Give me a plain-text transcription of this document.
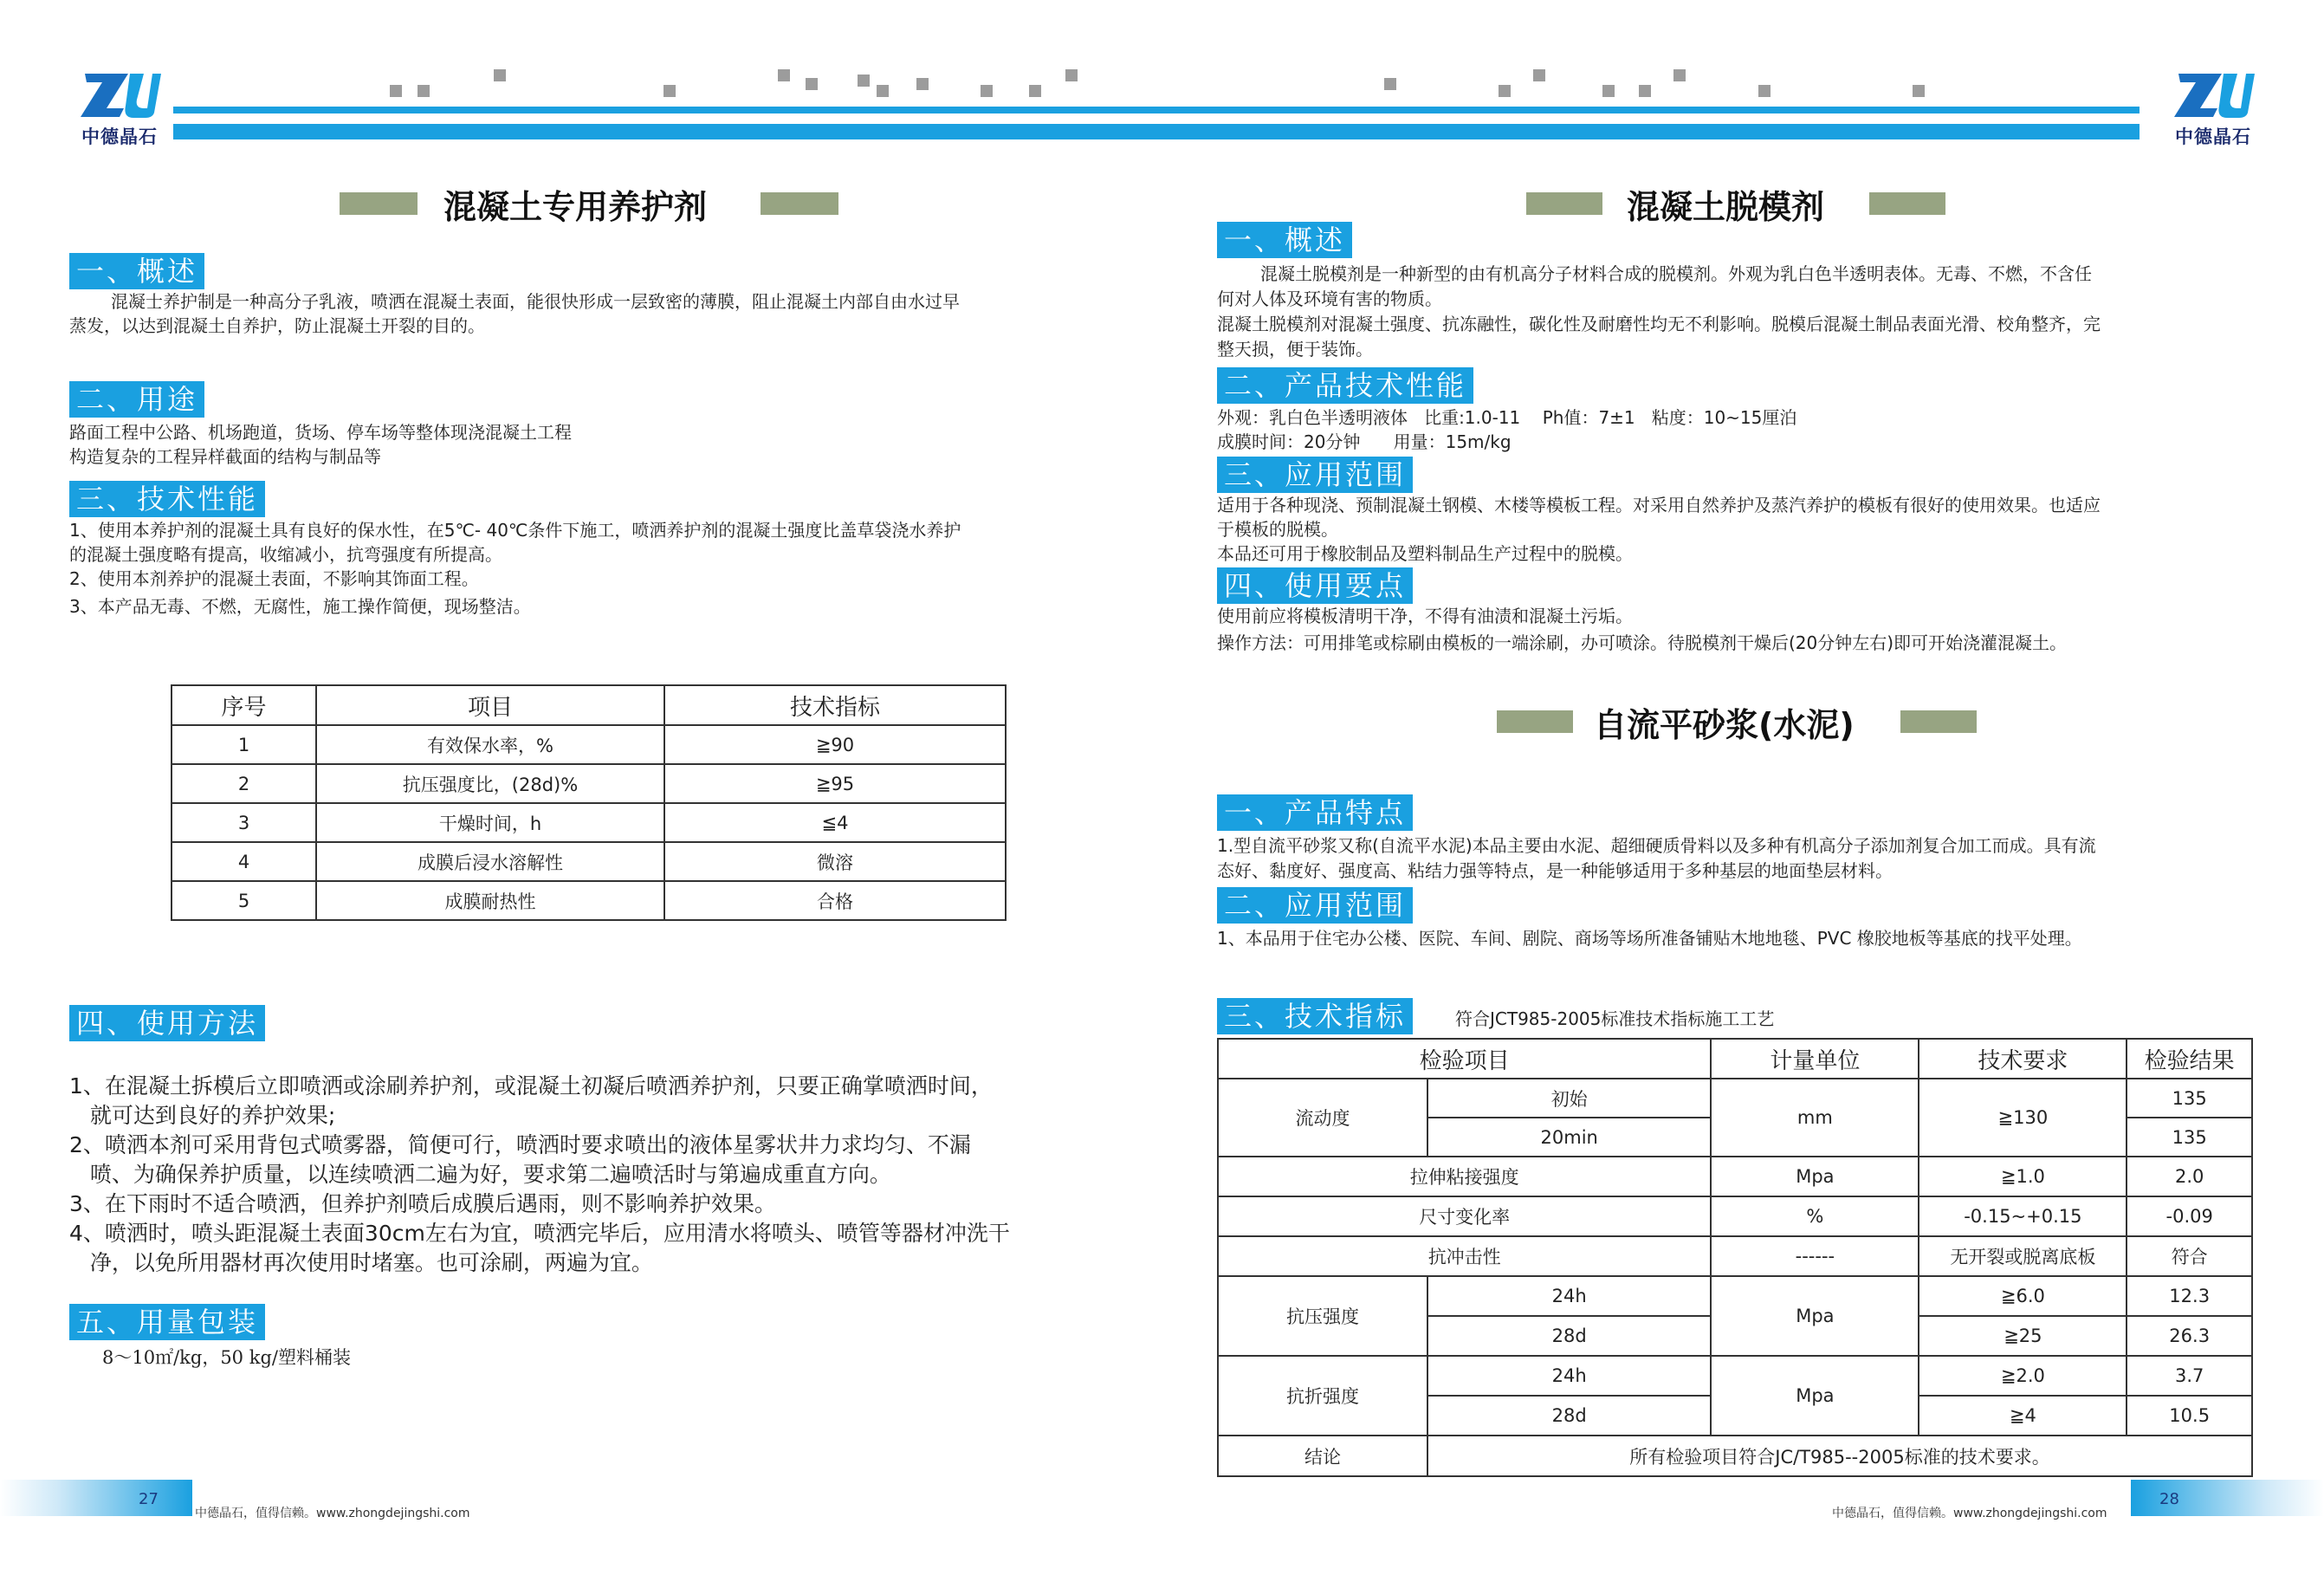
中德晶石	中德晶石
混凝土专用养护剂
一、概述
混凝士养护制是一种高分子乳液，喷洒在混凝土表面，能很快形成一层致密的薄膜，阻止混凝土内部自由水过早
蒸发，以达到混凝土自养护，防止混凝土开裂的目的。
二、用途
路面工程中公路、机场跑道，货场、停车场等整体现浇混凝土工程
构造复杂的工程异样截面的结构与制品等
三、技术性能
1、使用本养护剂的混凝土具有良好的保水性，在5℃- 40℃条件下施工，喷洒养护剂的混凝土强度比盖草袋浇水养护
的混凝土强度略有提高，收缩减小，抗弯强度有所提高。
2、使用本剂养护的混凝土表面，不影响其饰面工程。
3、本产品无毒、不燃，无腐性，施工操作简便，现场整洁。
序号	项目	技术指标
1	有效保水率，%	≧90
2	抗压强度比，(28d)%	≧95
3	干燥时间，h	≦4
4	成膜后浸水溶解性	微溶
5	成膜耐热性	合格
四、使用方法
1、在混凝土拆模后立即喷洒或涂刷养护剂，或混凝土初凝后喷洒养护剂，只要正确掌喷洒时间，
就可达到良好的养护效果;
2、喷洒本剂可采用背包式喷雾器，简便可行，喷洒时要求喷出的液体星雾状井力求均匀、不漏
喷、为确保养护质量，以连续喷洒二遍为好，要求第二遍喷活时与第遍成重直方向。
3、在下雨时不适合喷洒，但养护剂喷后成膜后遇雨，则不影响养护效果。
4、喷洒时，喷头距混凝土表面30cm左右为宜，喷洒完毕后，应用清水将喷头、喷管等器材冲洗干
净，以免所用器材再次使用时堵塞。也可涂刷，两遍为宜。
五、用量包装
8～10㎡/kg，50 kg/塑料桶装
27
中德晶石，值得信赖。www.zhongdejingshi.com
混凝土脱模剂
一、概述
混凝土脱模剂是一种新型的由有机高分子材料合成的脱模剂。外观为乳白色半透明表体。无毒、不燃，不含任
何对人体及环境有害的物质。
混凝土脱模剂对混凝土强度、抗冻融性，碳化性及耐磨性均无不利影响。脱模后混凝土制品表面光滑、校角整齐，完
整天损，便于装饰。
二、产品技术性能
外观：乳白色半透明液体   比重:1.0-11    Ph值：7±1   粘度：10~15厘泊
成膜时间：20分钟      用量：15m/kg
三、应用范围
适用于各种现浇、预制混凝土钢模、木楼等模板工程。对采用自然养护及蒸汽养护的模板有很好的使用效果。也适应
于模板的脱模。
本品还可用于橡胶制品及塑料制品生产过程中的脱模。
四、使用要点
使用前应将模板清明干净，不得有油渍和混凝土污垢。
操作方法：可用排笔或棕刷由模板的一端涂刷，办可喷涂。待脱模剂干燥后(20分钟左右)即可开始浇灌混凝土。
自流平砂浆(水泥)
一、产品特点
1.型自流平砂浆又称(自流平水泥)本品主要由水泥、超细硬质骨料以及多种有机高分子添加剂复合加工而成。具有流
态好、黏度好、强度高、粘结力强等特点，是一种能够适用于多种基层的地面垫层材料。
二、应用范围
1、本品用于住宅办公楼、医院、车间、剧院、商场等场所准备铺贴木地地毯、PVC 橡胶地板等基底的找平处理。
三、技术指标	符合JCT985-2005标准技术指标施工工艺
检验项目		计量单位	技术要求	检验结果
流动度	初始	mm	≧130	135
	20min			135
拉伸粘接强度		Mpa	≧1.0	2.0
尺寸变化率		%	-0.15~+0.15	-0.09
抗冲击性		------	无开裂或脱离底板	符合
抗压强度	24h	Mpa	≧6.0	12.3
	28d		≧25	26.3
抗折强度	24h	Mpa	≧2.0	3.7
	28d		≧4	10.5
结论	所有检验项目符合JC/T985--2005标准的技术要求。			
中德晶石，值得信赖。www.zhongdejingshi.com
28
